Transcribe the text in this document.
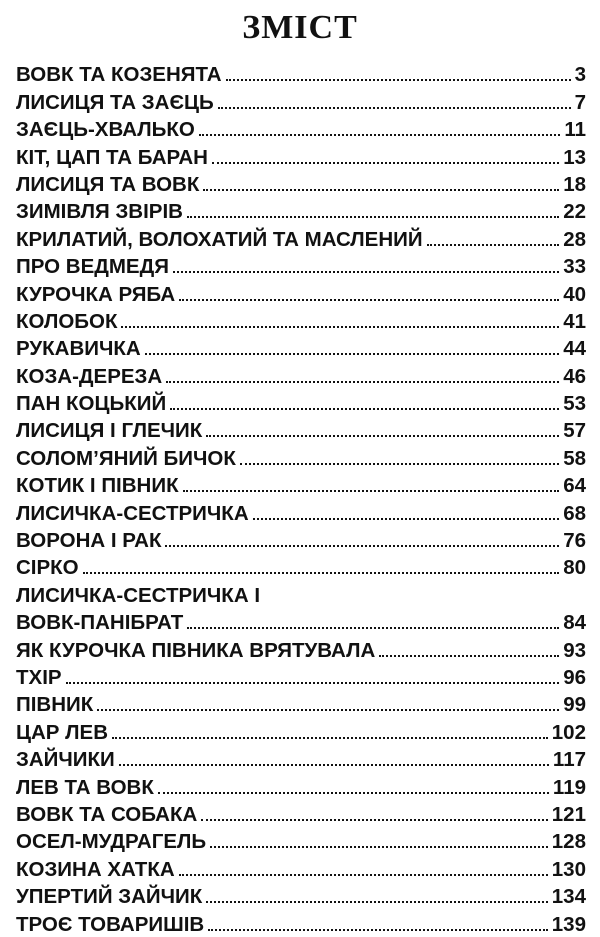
ЗМІСТ
ВОВК ТА КОЗЕНЯТА	3
ЛИСИЦЯ ТА ЗАЄЦЬ	7
ЗАЄЦЬ-ХВАЛЬКО	11
КІТ, ЦАП ТА БАРАН	13
ЛИСИЦЯ ТА ВОВК	18
ЗИМІВЛЯ ЗВІРІВ	22
КРИЛАТИЙ, ВОЛОХАТИЙ ТА МАСЛЕНИЙ	28
ПРО ВЕДМЕДЯ	33
КУРОЧКА РЯБА	40
КОЛОБОК	41
РУКАВИЧКА	44
КОЗА-ДЕРЕЗА	46
ПАН КОЦЬКИЙ	53
ЛИСИЦЯ І ГЛЕЧИК	57
СОЛОМ’ЯНИЙ БИЧОК	58
КОТИК І ПІВНИК	64
ЛИСИЧКА-СЕСТРИЧКА	68
ВОРОНА І РАК	76
СІРКО	80
ЛИСИЧКА-СЕСТРИЧКА І
ВОВК-ПАНІБРАТ	84
ЯК КУРОЧКА ПІВНИКА ВРЯТУВАЛА	93
ТХІР	96
ПІВНИК	99
ЦАР ЛЕВ	102
ЗАЙЧИКИ	117
ЛЕВ ТА ВОВК	119
ВОВК ТА СОБАКА	121
ОСЕЛ-МУДРАГЕЛЬ	128
КОЗИНА ХАТКА	130
УПЕРТИЙ ЗАЙЧИК	134
ТРОЄ ТОВАРИШІВ	139
